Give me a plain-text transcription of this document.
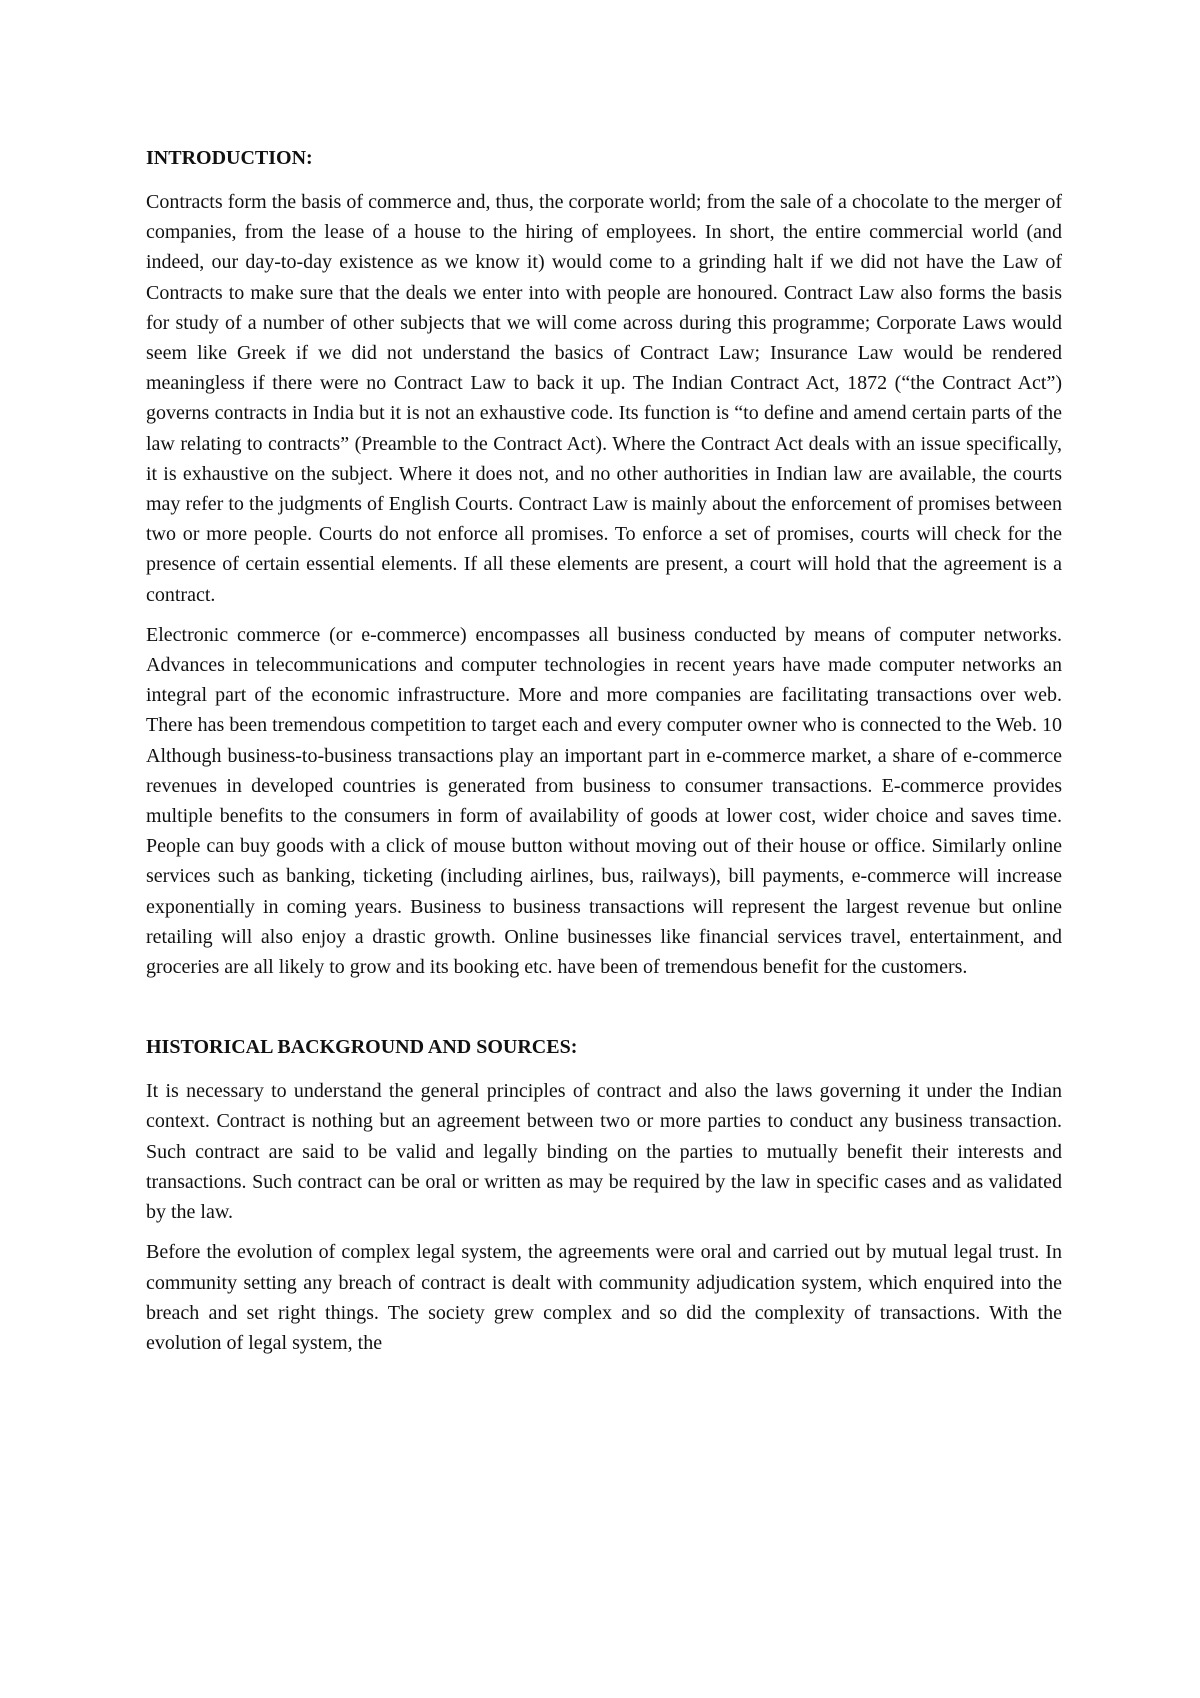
INTRODUCTION:

Contracts form the basis of commerce and, thus, the corporate world; from the sale of a chocolate to the merger of companies, from the lease of a house to the hiring of employees. In short, the entire commercial world (and indeed, our day-to-day existence as we know it) would come to a grinding halt if we did not have the Law of Contracts to make sure that the deals we enter into with people are honoured. Contract Law also forms the basis for study of a number of other subjects that we will come across during this programme; Corporate Laws would seem like Greek if we did not understand the basics of Contract Law; Insurance Law would be rendered meaningless if there were no Contract Law to back it up. The Indian Contract Act, 1872 (“the Contract Act”) governs contracts in India but it is not an exhaustive code. Its function is “to define and amend certain parts of the law relating to contracts” (Preamble to the Contract Act). Where the Contract Act deals with an issue specifically, it is exhaustive on the subject. Where it does not, and no other authorities in Indian law are available, the courts may refer to the judgments of English Courts. Contract Law is mainly about the enforcement of promises between two or more people. Courts do not enforce all promises. To enforce a set of promises, courts will check for the presence of certain essential elements. If all these elements are present, a court will hold that the agreement is a contract.

Electronic commerce (or e-commerce) encompasses all business conducted by means of computer networks. Advances in telecommunications and computer technologies in recent years have made computer networks an integral part of the economic infrastructure. More and more companies are facilitating transactions over web. There has been tremendous competition to target each and every computer owner who is connected to the Web. 10 Although business-to-business transactions play an important part in e-commerce market, a share of e-commerce revenues in developed countries is generated from business to consumer transactions. E-commerce provides multiple benefits to the consumers in form of availability of goods at lower cost, wider choice and saves time. People can buy goods with a click of mouse button without moving out of their house or office. Similarly online services such as banking, ticketing (including airlines, bus, railways), bill payments, e-commerce will increase exponentially in coming years. Business to business transactions will represent the largest revenue but online retailing will also enjoy a drastic growth. Online businesses like financial services travel, entertainment, and groceries are all likely to grow and its booking etc. have been of tremendous benefit for the customers.

HISTORICAL BACKGROUND AND SOURCES:

It is necessary to understand the general principles of contract and also the laws governing it under the Indian context. Contract is nothing but an agreement between two or more parties to conduct any business transaction. Such contract are said to be valid and legally binding on the parties to mutually benefit their interests and transactions. Such contract can be oral or written as may be required by the law in specific cases and as validated by the law.

Before the evolution of complex legal system, the agreements were oral and carried out by mutual legal trust. In community setting any breach of contract is dealt with community adjudication system, which enquired into the breach and set right things. The society grew complex and so did the complexity of transactions. With the evolution of legal system, the
